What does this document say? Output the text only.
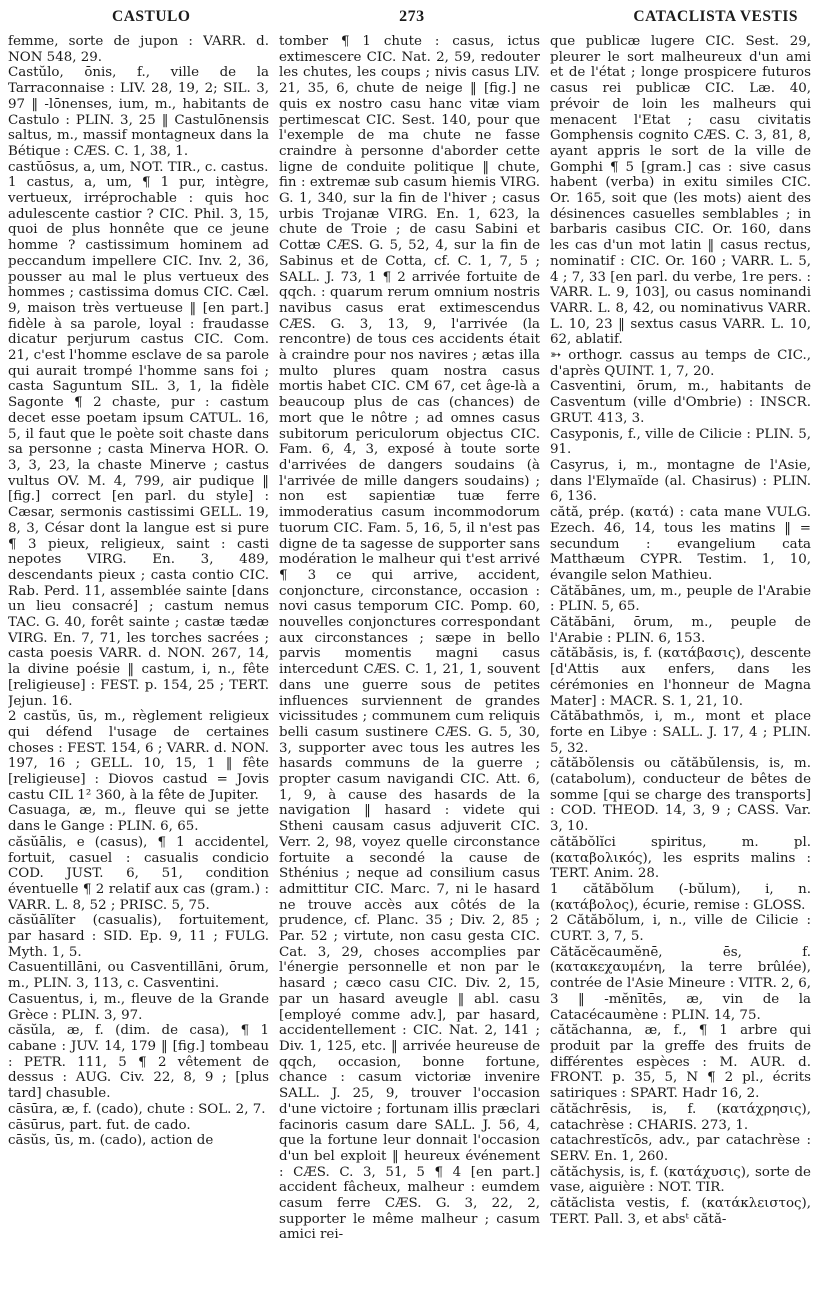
CASTULO	273	CATACLISTA VESTIS

femme, sorte de jupon : VARR. d. NON 548, 29.

Castŭlo, ōnis, f., ville de la Tarraconnaise : LIV. 28, 19, 2; SIL. 3, 97 ‖ -lōnenses, ium, m., habitants de Castulo : PLIN. 3, 25 ‖ Castulōnensis saltus, m., massif montagneux dans la Bétique : CÆS. C. 1, 38, 1.

castŭōsus, a, um, NOT. TIR., c. castus.

1 castus, a, um, ¶ 1 pur, intègre, vertueux, irréprochable : quis hoc adulescente castior ? CIC. Phil. 3, 15, quoi de plus honnête que ce jeune homme ? castissimum hominem ad peccandum impellere CIC. Inv. 2, 36, pousser au mal le plus vertueux des hommes ; castissima domus CIC. Cæl. 9, maison très vertueuse ‖ [en part.] fidèle à sa parole, loyal : fraudasse dicatur perjurum castus CIC. Com. 21, c'est l'homme esclave de sa parole qui aurait trompé l'homme sans foi ; casta Saguntum SIL. 3, 1, la fidèle Sagonte ¶ 2 chaste, pur : castum decet esse poetam ipsum CATUL. 16, 5, il faut que le poète soit chaste dans sa personne ; casta Minerva HOR. O. 3, 3, 23, la chaste Minerve ; castus vultus OV. M. 4, 799, air pudique ‖ [fig.] correct [en parl. du style] : Cæsar, sermonis castissimi GELL. 19, 8, 3, César dont la langue est si pure ¶ 3 pieux, religieux, saint : casti nepotes VIRG. En. 3, 489, descendants pieux ; casta contio CIC. Rab. Perd. 11, assemblée sainte [dans un lieu consacré] ; castum nemus TAC. G. 40, forêt sainte ; castæ tædæ VIRG. En. 7, 71, les torches sacrées ; casta poesis VARR. d. NON. 267, 14, la divine poésie ‖ castum, i, n., fête [religieuse] : FEST. p. 154, 25 ; TERT. Jejun. 16.

2 castŭs, ūs, m., règlement religieux qui défend l'usage de certaines choses : FEST. 154, 6 ; VARR. d. NON. 197, 16 ; GELL. 10, 15, 1 ‖ fête [religieuse] : Diovos castud = Jovis castu CIL 1² 360, à la fête de Jupiter.

Casuaga, æ, m., fleuve qui se jette dans le Gange : PLIN. 6, 65.

căsŭālis, e (casus), ¶ 1 accidentel, fortuit, casuel : casualis condicio COD. JUST. 6, 51, condition éventuelle ¶ 2 relatif aux cas (gram.) : VARR. L. 8, 52 ; PRISC. 5, 75.

căsŭālĭter (casualis), fortuitement, par hasard : SID. Ep. 9, 11 ; FULG. Myth. 1, 5.

Casuentillāni, ou Casventillāni, ōrum, m., PLIN. 3, 113, c. Casventini.

Casuentus, i, m., fleuve de la Grande Grèce : PLIN. 3, 97.

căsŭla, æ, f. (dim. de casa), ¶ 1 cabane : JUV. 14, 179 ‖ [fig.] tombeau : PETR. 111, 5 ¶ 2 vêtement de dessus : AUG. Civ. 22, 8, 9 ; [plus tard] chasuble.

cāsūra, æ, f. (cado), chute : SOL. 2, 7.

cāsūrus, part. fut. de cado.

cāsŭs, ūs, m. (cado), action de

tomber ¶ 1 chute : casus, ictus extimescere CIC. Nat. 2, 59, redouter les chutes, les coups ; nivis casus LIV. 21, 35, 6, chute de neige ‖ [fig.] ne quis ex nostro casu hanc vitæ viam pertimescat CIC. Sest. 140, pour que l'exemple de ma chute ne fasse craindre à personne d'aborder cette ligne de conduite politique ‖ chute, fin : extremæ sub casum hiemis VIRG. G. 1, 340, sur la fin de l'hiver ; casus urbis Trojanæ VIRG. En. 1, 623, la chute de Troie ; de casu Sabini et Cottæ CÆS. G. 5, 52, 4, sur la fin de Sabinus et de Cotta, cf. C. 1, 7, 5 ; SALL. J. 73, 1 ¶ 2 arrivée fortuite de qqch. : quarum rerum omnium nostris navibus casus erat extimescendus CÆS. G. 3, 13, 9, l'arrivée (la rencontre) de tous ces accidents était à craindre pour nos navires ; ætas illa multo plures quam nostra casus mortis habet CIC. CM 67, cet âge-là a beaucoup plus de cas (chances) de mort que le nôtre ; ad omnes casus subitorum periculorum objectus CIC. Fam. 6, 4, 3, exposé à toute sorte d'arrivées de dangers soudains (à l'arrivée de mille dangers soudains) ; non est sapientiæ tuæ ferre immoderatius casum incommodorum tuorum CIC. Fam. 5, 16, 5, il n'est pas digne de ta sagesse de supporter sans modération le malheur qui t'est arrivé ¶ 3 ce qui arrive, accident, conjoncture, circonstance, occasion : novi casus temporum CIC. Pomp. 60, nouvelles conjonctures correspondant aux circonstances ; sæpe in bello parvis momentis magni casus intercedunt CÆS. C. 1, 21, 1, souvent dans une guerre sous de petites influences surviennent de grandes vicissitudes ; communem cum reliquis belli casum sustinere CÆS. G. 5, 30, 3, supporter avec tous les autres les hasards communs de la guerre ; propter casum navigandi CIC. Att. 6, 1, 9, à cause des hasards de la navigation ‖ hasard : videte qui Stheni causam casus adjuverit CIC. Verr. 2, 98, voyez quelle circonstance fortuite a secondé la cause de Sthénius ; neque ad consilium casus admittitur CIC. Marc. 7, ni le hasard ne trouve accès aux côtés de la prudence, cf. Planc. 35 ; Div. 2, 85 ; Par. 52 ; virtute, non casu gesta CIC. Cat. 3, 29, choses accomplies par l'énergie personnelle et non par le hasard ; cæco casu CIC. Div. 2, 15, par un hasard aveugle ‖ abl. casu [employé comme adv.], par hasard, accidentellement : CIC. Nat. 2, 141 ; Div. 1, 125, etc. ‖ arrivée heureuse de qqch, occasion, bonne fortune, chance : casum victoriæ invenire SALL. J. 25, 9, trouver l'occasion d'une victoire ; fortunam illis præclari facinoris casum dare SALL. J. 56, 4, que la fortune leur donnait l'occasion d'un bel exploit ‖ heureux événement : CÆS. C. 3, 51, 5 ¶ 4 [en part.] accident fâcheux, malheur : eumdem casum ferre CÆS. G. 3, 22, 2, supporter le même malheur ; casum amici rei-

que publicæ lugere CIC. Sest. 29, pleurer le sort malheureux d'un ami et de l'état ; longe prospicere futuros casus rei publicæ CIC. Læ. 40, prévoir de loin les malheurs qui menacent l'Etat ; casu civitatis Gomphensis cognito CÆS. C. 3, 81, 8, ayant appris le sort de la ville de Gomphi ¶ 5 [gram.] cas : sive casus habent (verba) in exitu similes CIC. Or. 165, soit que (les mots) aient des désinences casuelles semblables ; in barbaris casibus CIC. Or. 160, dans les cas d'un mot latin ‖ casus rectus, nominatif : CIC. Or. 160 ; VARR. L. 5, 4 ; 7, 33 [en parl. du verbe, 1re pers. : VARR. L. 9, 103], ou casus nominandi VARR. L. 8, 42, ou nominativus VARR. L. 10, 23 ‖ sextus casus VARR. L. 10, 62, ablatif.

➳ orthogr. cassus au temps de CIC., d'après QUINT. 1, 7, 20.

Casventini, ōrum, m., habitants de Casventum (ville d'Ombrie) : INSCR. GRUT. 413, 3.

Casyponis, f., ville de Cilicie : PLIN. 5, 91.

Casyrus, i, m., montagne de l'Asie, dans l'Elymaïde (al. Chasirus) : PLIN. 6, 136.

cătă, prép. (κατά) : cata mane VULG. Ezech. 46, 14, tous les matins ‖ = secundum : evangelium cata Matthæum CYPR. Testim. 1, 10, évangile selon Mathieu.

Cătăbānes, um, m., peuple de l'Arabie : PLIN. 5, 65.

Cătăbāni, ōrum, m., peuple de l'Arabie : PLIN. 6, 153.

cătăbăsis, is, f. (κατάβασις), descente [d'Attis aux enfers, dans les cérémonies en l'honneur de Magna Mater] : MACR. S. 1, 21, 10.

Cătăbathmŏs, i, m., mont et place forte en Libye : SALL. J. 17, 4 ; PLIN. 5, 32.

cătăbŏlensis ou cătăbŭlensis, is, m. (catabolum), conducteur de bêtes de somme [qui se charge des transports] : COD. THEOD. 14, 3, 9 ; CASS. Var. 3, 10.

cătăbŏlĭci spiritus, m. pl. (καταβολικός), les esprits malins : TERT. Anim. 28.

1 cătăbŏlum (-bŭlum), i, n. (κατάβολος), écurie, remise : GLOSS.

2 Cătăbŏlum, i, n., ville de Cilicie : CURT. 3, 7, 5.

Cătăcĕcaumĕnē, ēs, f. (κατακεχαυμένη, la terre brûlée), contrée de l'Asie Mineure : VITR. 2, 6, 3 ‖ -mĕnītēs, æ, vin de la Catacécaumène : PLIN. 14, 75.

cătăchanna, æ, f., ¶ 1 arbre qui produit par la greffe des fruits de différentes espèces : M. AUR. d. FRONT. p. 35, 5, N ¶ 2 pl., écrits satiriques : SPART. Hadr 16, 2.

cătăchrēsis, is, f. (κατάχρησις), catachrèse : CHARIS. 273, 1.

catachrestĭcōs, adv., par catachrèse : SERV. En. 1, 260.

cătăchysis, is, f. (κατάχυσις), sorte de vase, aiguière : NOT. TIR.

cătăclista vestis, f. (κατάκλειστος), TERT. Pall. 3, et absᵗ cătă-
